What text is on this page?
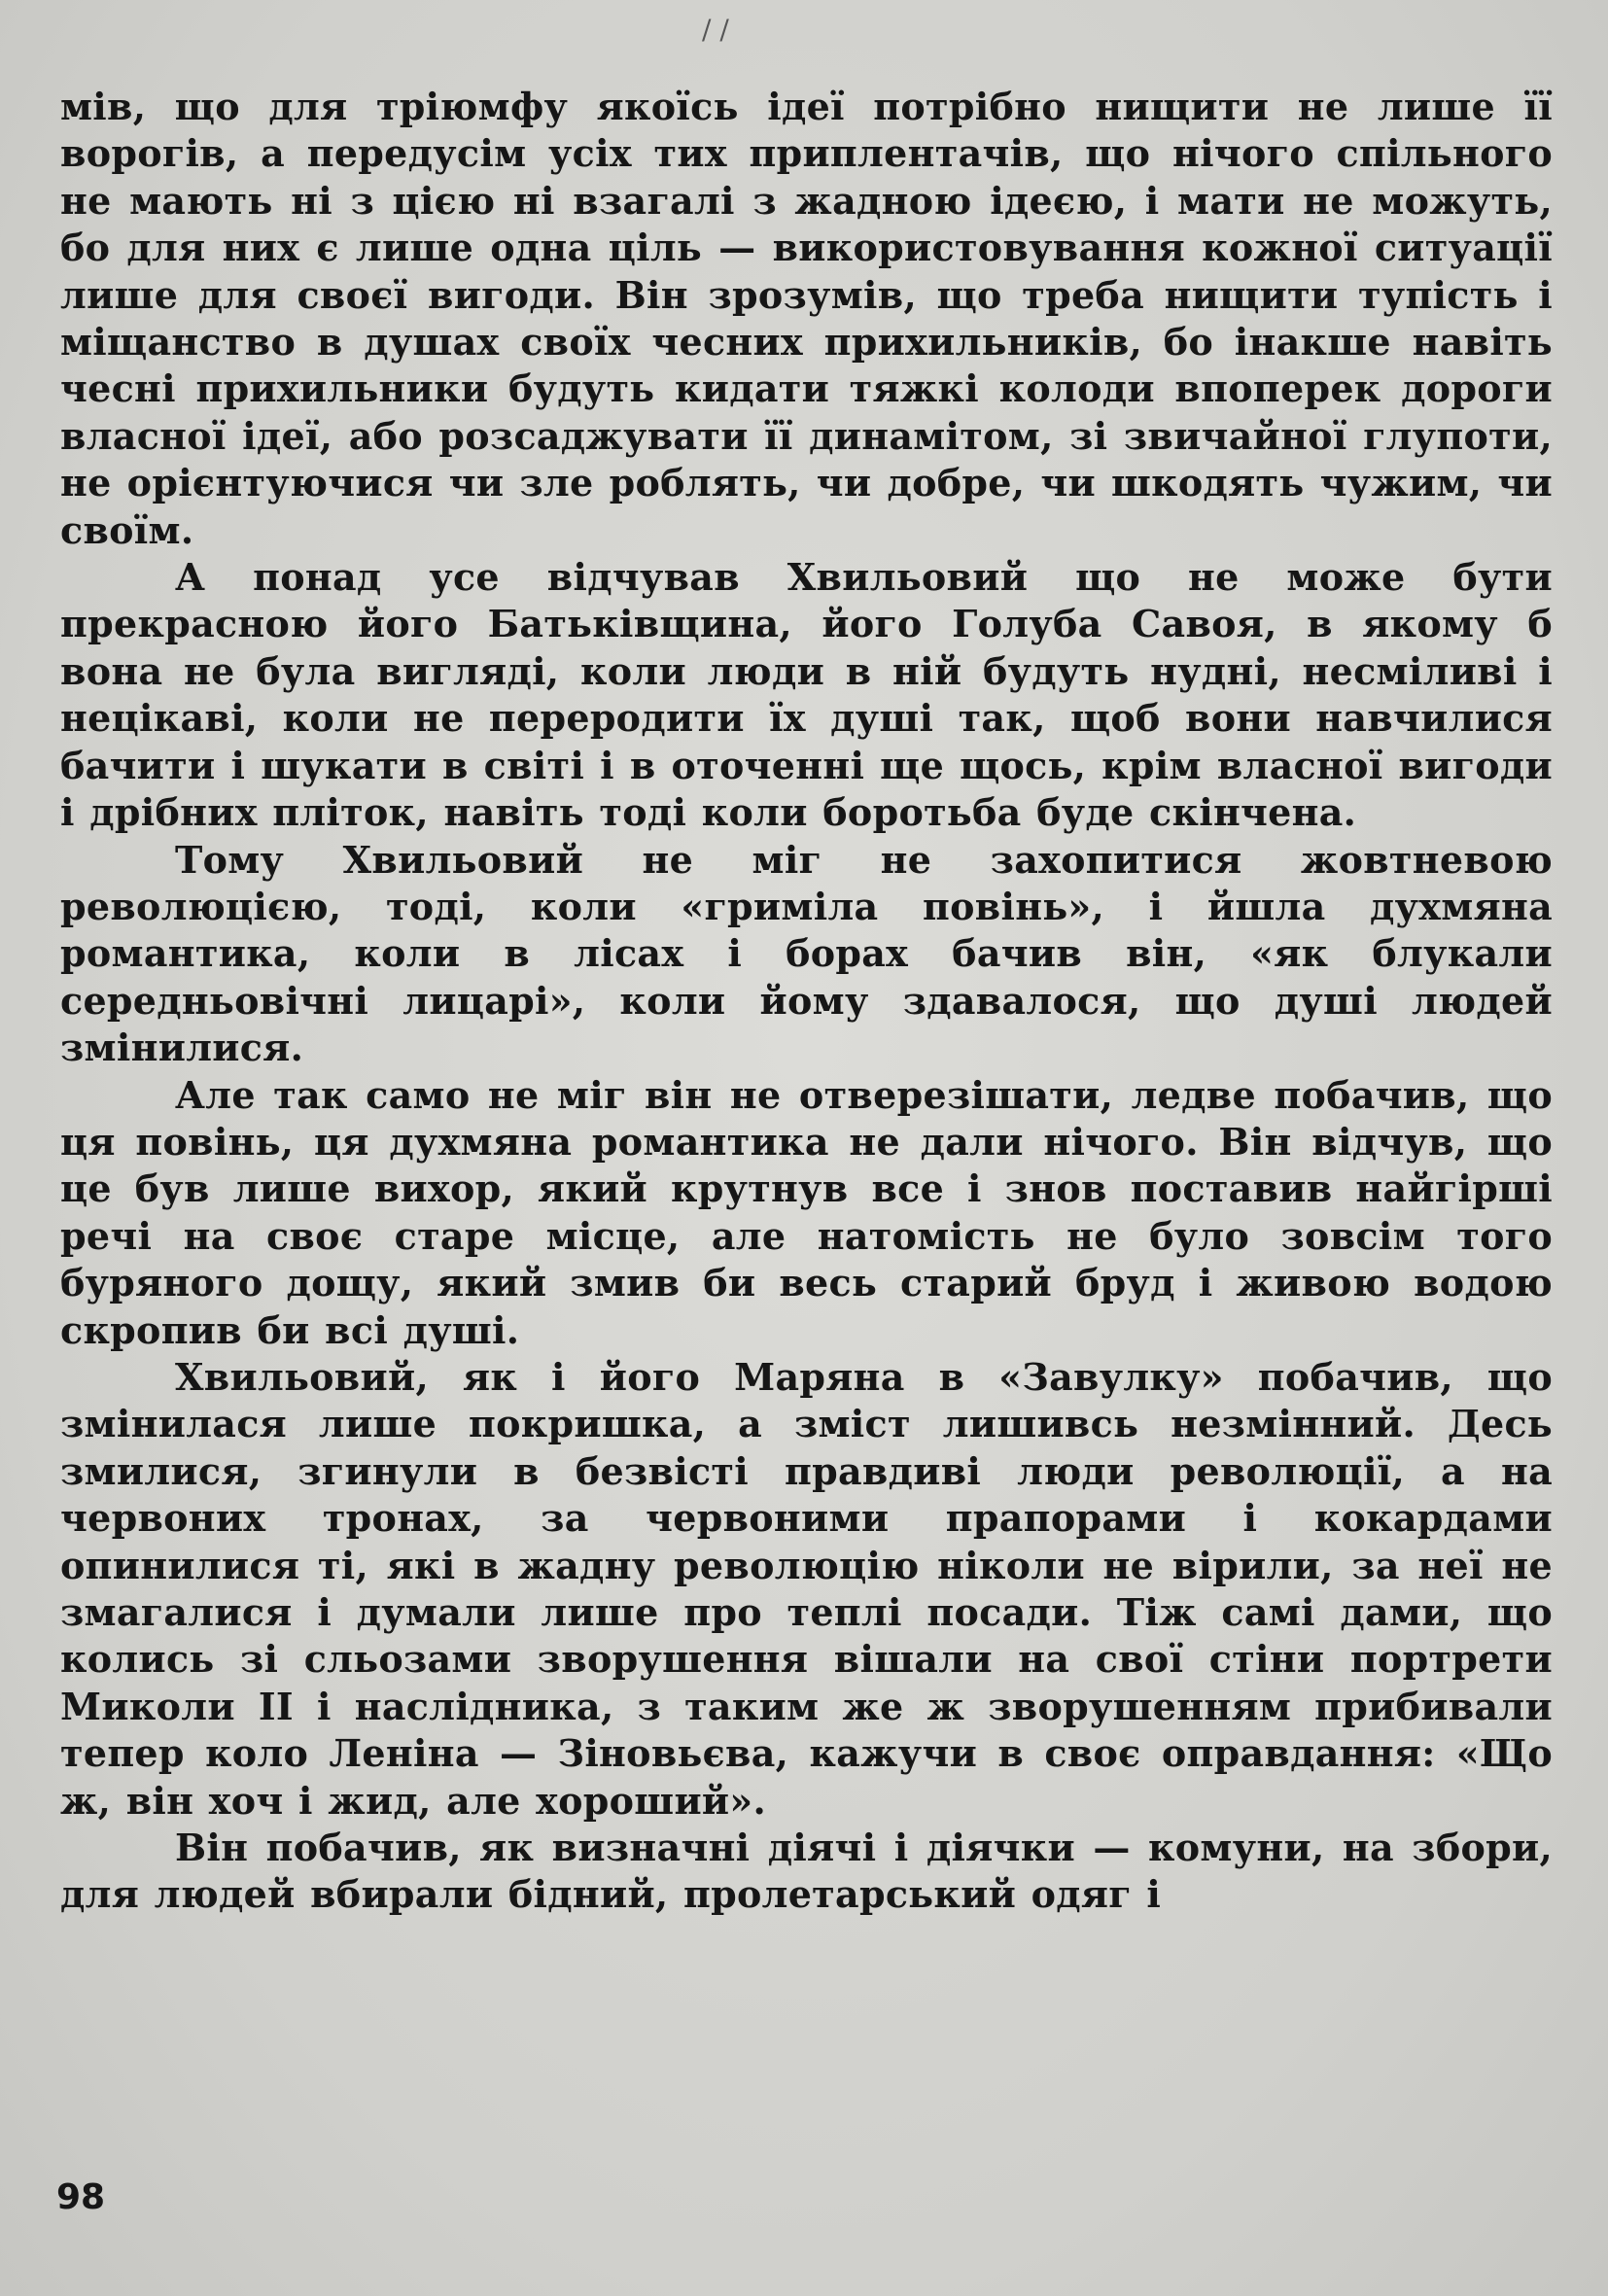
/ /

мів, що для тріюмфу якоїсь ідеї потрібно нищити не лише її ворогів, а передусім усіх тих приплентачів, що нічого спільного не мають ні з цією ні взагалі з жадною ідеєю, і мати не можуть, бо для них є лише одна ціль — використовування кожної ситуації лише для своєї вигоди. Він зрозумів, що треба нищити тупість і міщанство в душах своїх чесних прихильників, бо інакше навіть чесні прихильники будуть кидати тяжкі колоди впоперек дороги власної ідеї, або розсаджувати її динамітом, зі звичайної глупоти, не орієнтуючися чи зле роблять, чи добре, чи шкодять чужим, чи своїм.

А понад усе відчував Хвильовий що не може бути прекрасною його Батьківщина, його Голуба Савоя, в якому б вона не була вигляді, коли люди в ній будуть нудні, несміливі і нецікаві, коли не переродити їх душі так, щоб вони навчилися бачити і шукати в світі і в оточенні ще щось, крім власної вигоди і дрібних пліток, навіть тоді коли боротьба буде скінчена.

Тому Хвильовий не міг не захопитися жовтневою революцією, тоді, коли «гриміла повінь», і йшла духмяна романтика, коли в лісах і борах бачив він, «як блукали середньовічні лицарі», коли йому здавалося, що душі людей змінилися.

Але так само не міг він не отверезішати, ледве побачив, що ця повінь, ця духмяна романтика не дали нічого. Він відчув, що це був лише вихор, який крутнув все і знов поставив найгірші речі на своє старе місце, але натомість не було зовсім того буряного дощу, який змив би весь старий бруд і живою водою скропив би всі душі.

Хвильовий, як і його Маряна в «Завулку» побачив, що змінилася лише покришка, а зміст лишивсь незмінний. Десь змилися, згинули в безвісті правдиві люди революції, а на червоних тронах, за червоними прапорами і кокардами опинилися ті, які в жадну революцію ніколи не вірили, за неї не змагалися і думали лише про теплі посади. Тіж самі дами, що колись зі сльозами зворушення вішали на свої стіни портрети Миколи II і наслідника, з таким же ж зворушенням прибивали тепер коло Леніна — Зіновьєва, кажучи в своє оправдання: «Що ж, він хоч і жид, але хороший».

Він побачив, як визначні діячі і діячки — комуни, на збори, для людей вбирали бідний, пролетарський одяг і

98
